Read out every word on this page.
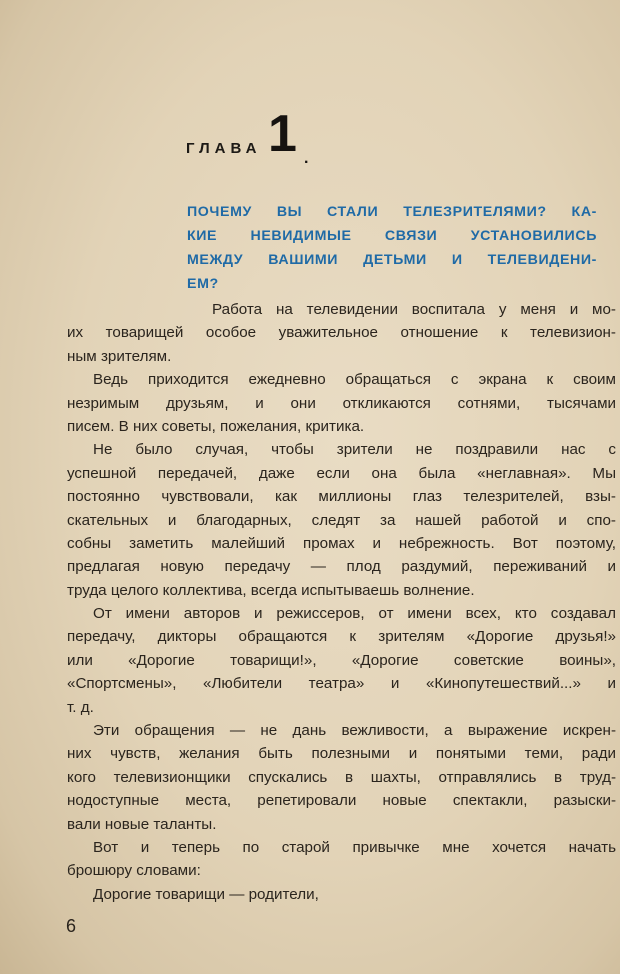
ГЛАВА 1 .
ПОЧЕМУ ВЫ СТАЛИ ТЕЛЕЗРИТЕЛЯМИ? КА-
КИЕ НЕВИДИМЫЕ СВЯЗИ УСТАНОВИЛИСЬ
МЕЖДУ ВАШИМИ ДЕТЬМИ И ТЕЛЕВИДЕНИ-
ЕМ?
Работа на телевидении воспитала у меня и мо-
их товарищей особое уважительное отношение к телевизион-
ным зрителям.
Ведь приходится ежедневно обращаться с экрана к своим
незримым друзьям, и они откликаются сотнями, тысячами
писем. В них советы, пожелания, критика.
Не было случая, чтобы зрители не поздравили нас с
успешной передачей, даже если она была «неглавная». Мы
постоянно чувствовали, как миллионы глаз телезрителей, взы-
скательных и благодарных, следят за нашей работой и спо-
собны заметить малейший промах и небрежность. Вот поэтому,
предлагая новую передачу — плод раздумий, переживаний и
труда целого коллектива, всегда испытываешь волнение.
От имени авторов и режиссеров, от имени всех, кто создавал
передачу, дикторы обращаются к зрителям «Дорогие друзья!»
или «Дорогие товарищи!», «Дорогие советские воины»,
«Спортсмены», «Любители театра» и «Кинопутешествий...» и
т. д.
Эти обращения — не дань вежливости, а выражение искрен-
них чувств, желания быть полезными и понятыми теми, ради
кого телевизионщики спускались в шахты, отправлялись в труд-
нодоступные места, репетировали новые спектакли, разыски-
вали новые таланты.
Вот и теперь по старой привычке мне хочется начать
брошюру словами:
Дорогие товарищи — родители,
6
